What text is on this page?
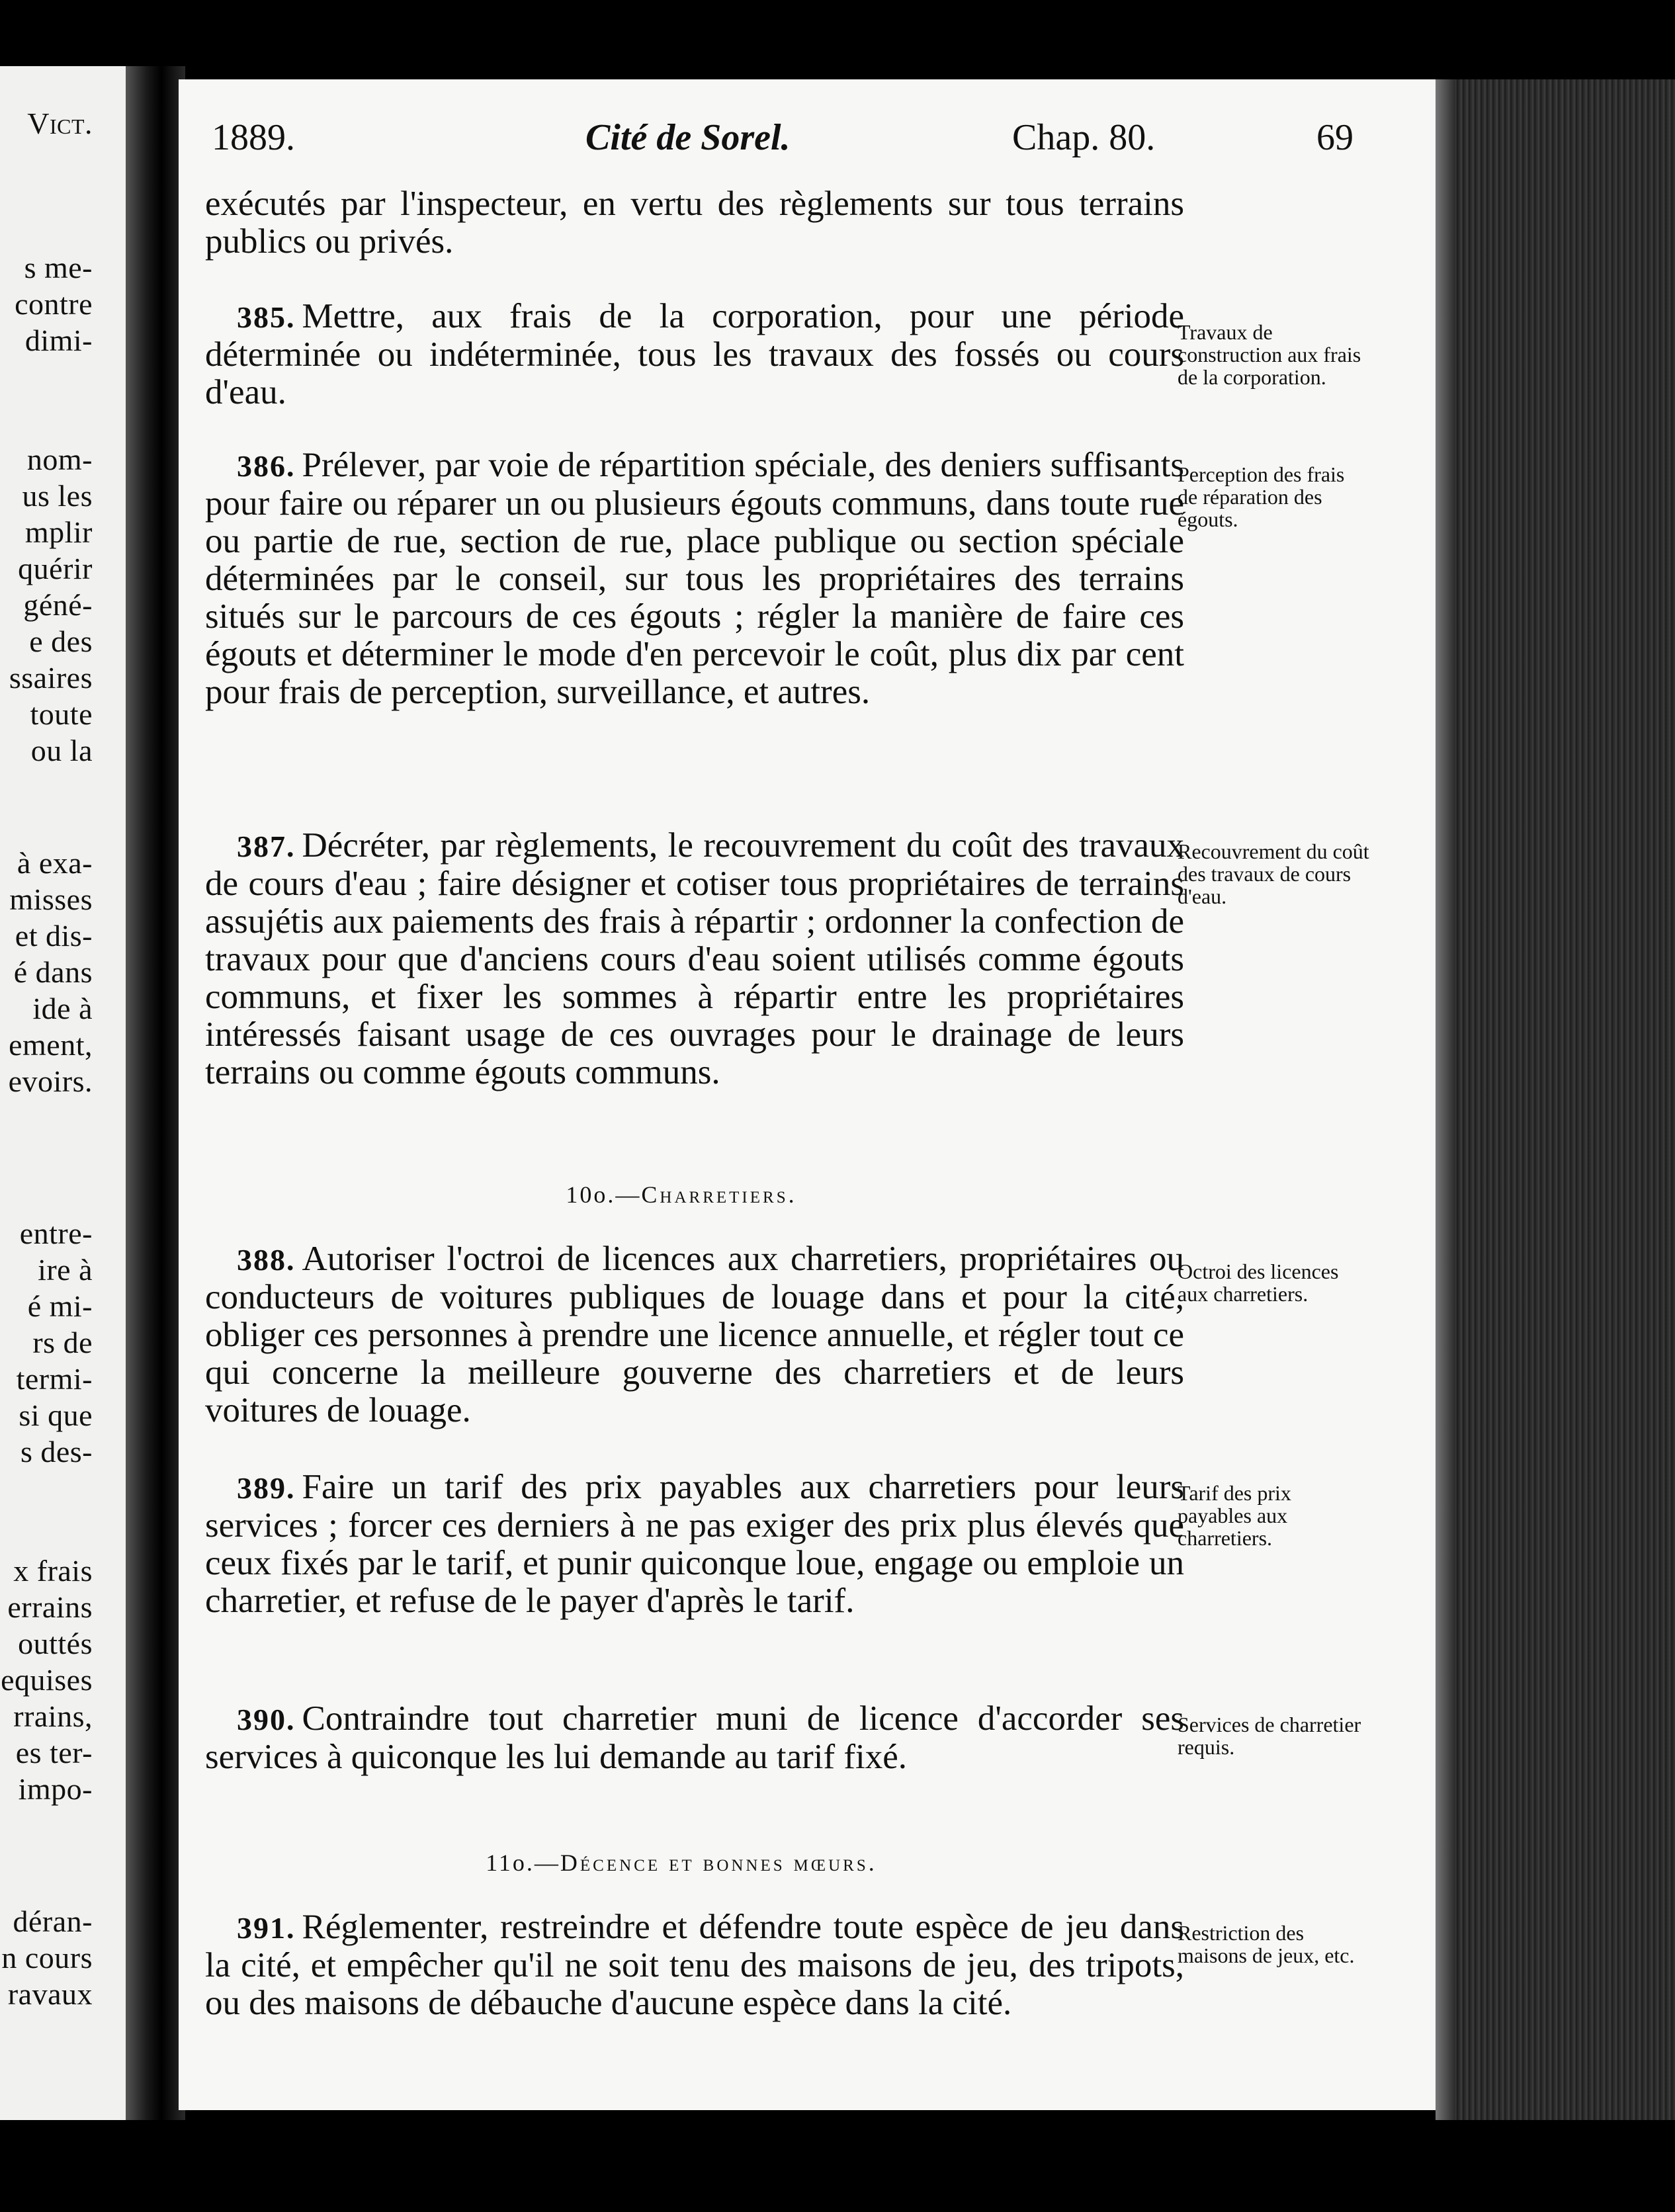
Vict.
s me-
contre
dimi-
nom-
us les
mplir
quérir
géné-
e des
ssaires
toute
ou la
à exa-
misses
et dis-
é dans
ide à
ement,
evoirs.
entre-
ire à
é mi-
rs de
termi-
si que
s des-
x frais
errains
outtés
equises
rrains,
es ter-
impo-
déran-
n cours
ravaux
1889.	Cité de Sorel.	Chap. 80.	69
exécutés par l'inspecteur, en vertu des règlements sur tous terrains publics ou privés.
385. Mettre, aux frais de la corporation, pour une période déterminée ou indéterminée, tous les travaux des fossés ou cours d'eau.
Travaux de construction aux frais de la corporation.
386. Prélever, par voie de répartition spéciale, des deniers suffisants pour faire ou réparer un ou plusieurs égouts communs, dans toute rue ou partie de rue, section de rue, place publique ou section spéciale déterminées par le conseil, sur tous les propriétaires des terrains situés sur le parcours de ces égouts ; régler la manière de faire ces égouts et déterminer le mode d'en percevoir le coût, plus dix par cent pour frais de perception, surveillance, et autres.
Perception des frais de réparation des égouts.
387. Décréter, par règlements, le recouvrement du coût des travaux de cours d'eau ; faire désigner et cotiser tous propriétaires de terrains assujétis aux paiements des frais à répartir ; ordonner la confection de travaux pour que d'anciens cours d'eau soient utilisés comme égouts communs, et fixer les sommes à répartir entre les propriétaires intéressés faisant usage de ces ouvrages pour le drainage de leurs terrains ou comme égouts communs.
Recouvrement du coût des travaux de cours d'eau.
10o.—Charretiers.
388. Autoriser l'octroi de licences aux charretiers, propriétaires ou conducteurs de voitures publiques de louage dans et pour la cité, obliger ces personnes à prendre une licence annuelle, et régler tout ce qui concerne la meilleure gouverne des charretiers et de leurs voitures de louage.
Octroi des licences aux charretiers.
389. Faire un tarif des prix payables aux charretiers pour leurs services ; forcer ces derniers à ne pas exiger des prix plus élevés que ceux fixés par le tarif, et punir quiconque loue, engage ou emploie un charretier, et refuse de le payer d'après le tarif.
Tarif des prix payables aux charretiers.
390. Contraindre tout charretier muni de licence d'accorder ses services à quiconque les lui demande au tarif fixé.
Services de charretier requis.
11o.—Décence et bonnes mœurs.
391. Réglementer, restreindre et défendre toute espèce de jeu dans la cité, et empêcher qu'il ne soit tenu des maisons de jeu, des tripots, ou des maisons de débauche d'aucune espèce dans la cité.
Restriction des maisons de jeux, etc.
